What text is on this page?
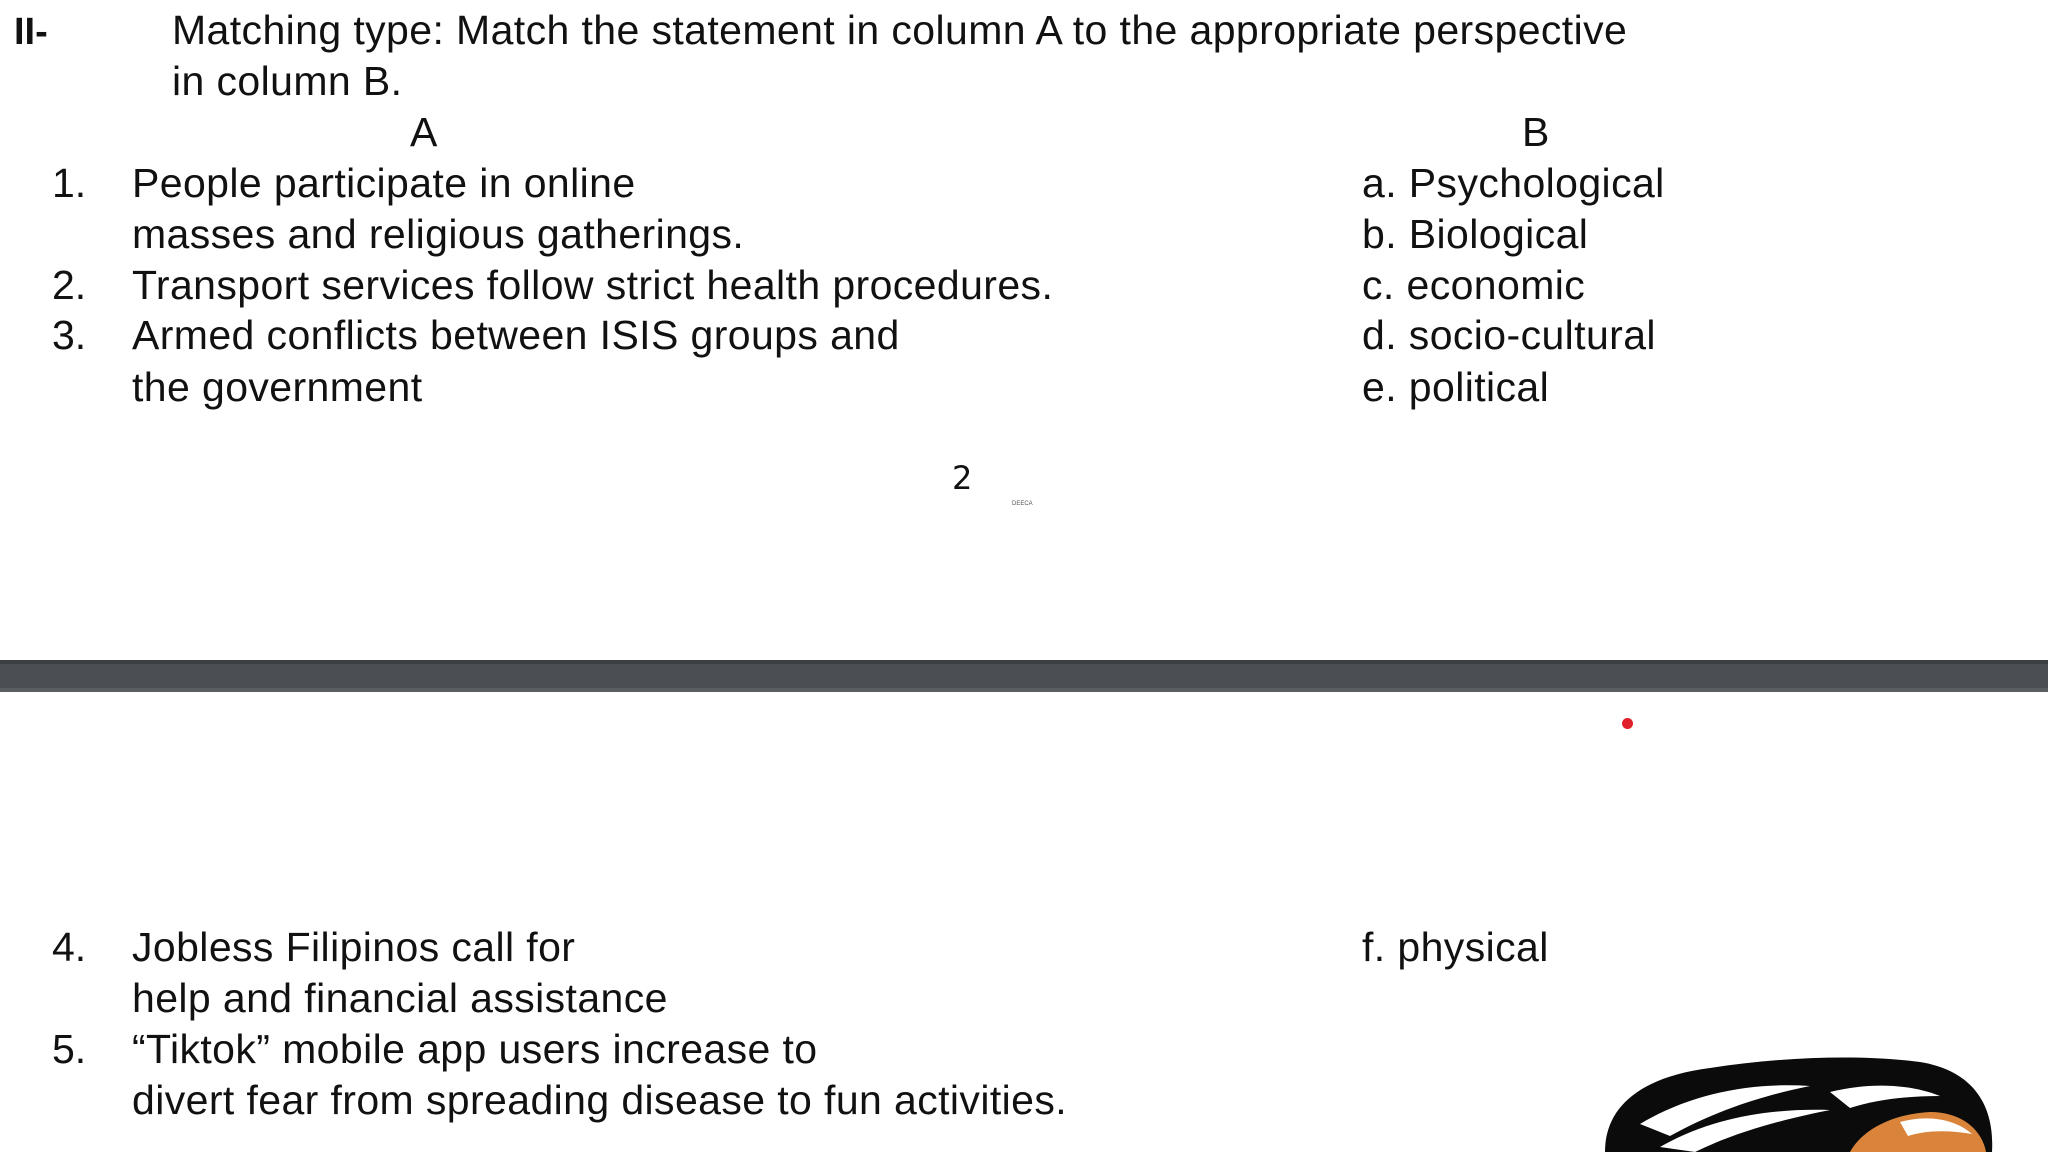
II-	Matching type: Match the statement in column A to the appropriate perspective
in column B.
A	B
1. People participate in online
masses and religious gatherings.
2. Transport services follow strict health procedures.
3. Armed conflicts between ISIS groups and
the government
a. Psychological
b. Biological
c. economic
d. socio-cultural
e. political
2
DEECA
4. Jobless Filipinos call for
help and financial assistance
5. “Tiktok” mobile app users increase to
divert fear from spreading disease to fun activities.
f. physical
